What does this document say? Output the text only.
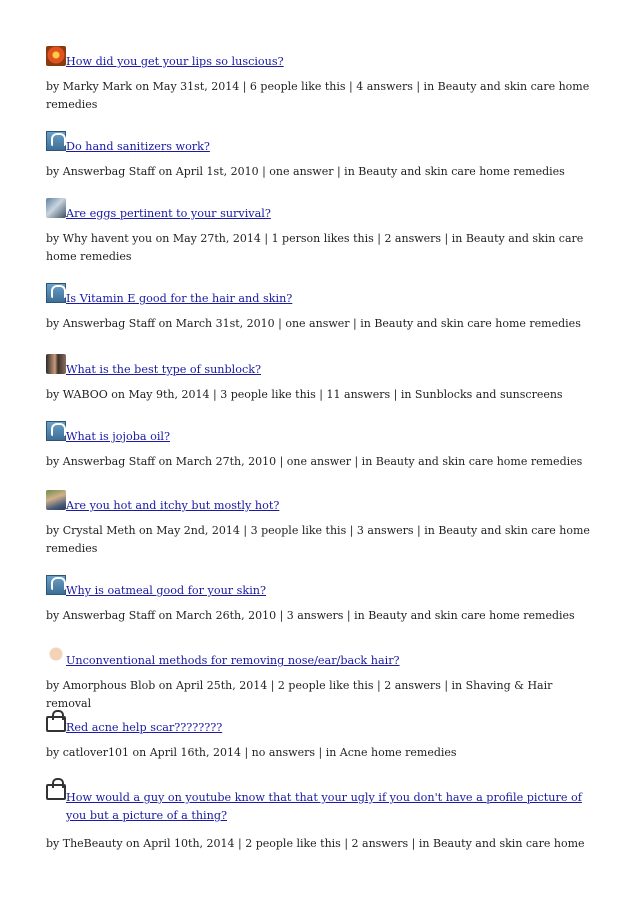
How did you get your lips so luscious?
by Marky Mark on May 31st, 2014 | 6 people like this | 4 answers | in Beauty and skin care home remedies
Do hand sanitizers work?
by Answerbag Staff on April 1st, 2010 | one answer | in Beauty and skin care home remedies
Are eggs pertinent to your survival?
by Why havent you on May 27th, 2014 | 1 person likes this | 2 answers | in Beauty and skin care home remedies
Is Vitamin E good for the hair and skin?
by Answerbag Staff on March 31st, 2010 | one answer | in Beauty and skin care home remedies
What is the best type of sunblock?
by WABOO on May 9th, 2014 | 3 people like this | 11 answers | in Sunblocks and sunscreens
What is jojoba oil?
by Answerbag Staff on March 27th, 2010 | one answer | in Beauty and skin care home remedies
Are you hot and itchy but mostly hot?
by Crystal Meth on May 2nd, 2014 | 3 people like this | 3 answers | in Beauty and skin care home remedies
Why is oatmeal good for your skin?
by Answerbag Staff on March 26th, 2010 | 3 answers | in Beauty and skin care home remedies
Unconventional methods for removing nose/ear/back hair?
by Amorphous Blob on April 25th, 2014 | 2 people like this | 2 answers | in Shaving & Hair removal
Red acne help scar????????
by catlover101 on April 16th, 2014 | no answers | in Acne home remedies
How would a guy on youtube know that that your ugly if you don't have a profile picture of you but a picture of a thing?
by TheBeauty on April 10th, 2014 | 2 people like this | 2 answers | in Beauty and skin care home
